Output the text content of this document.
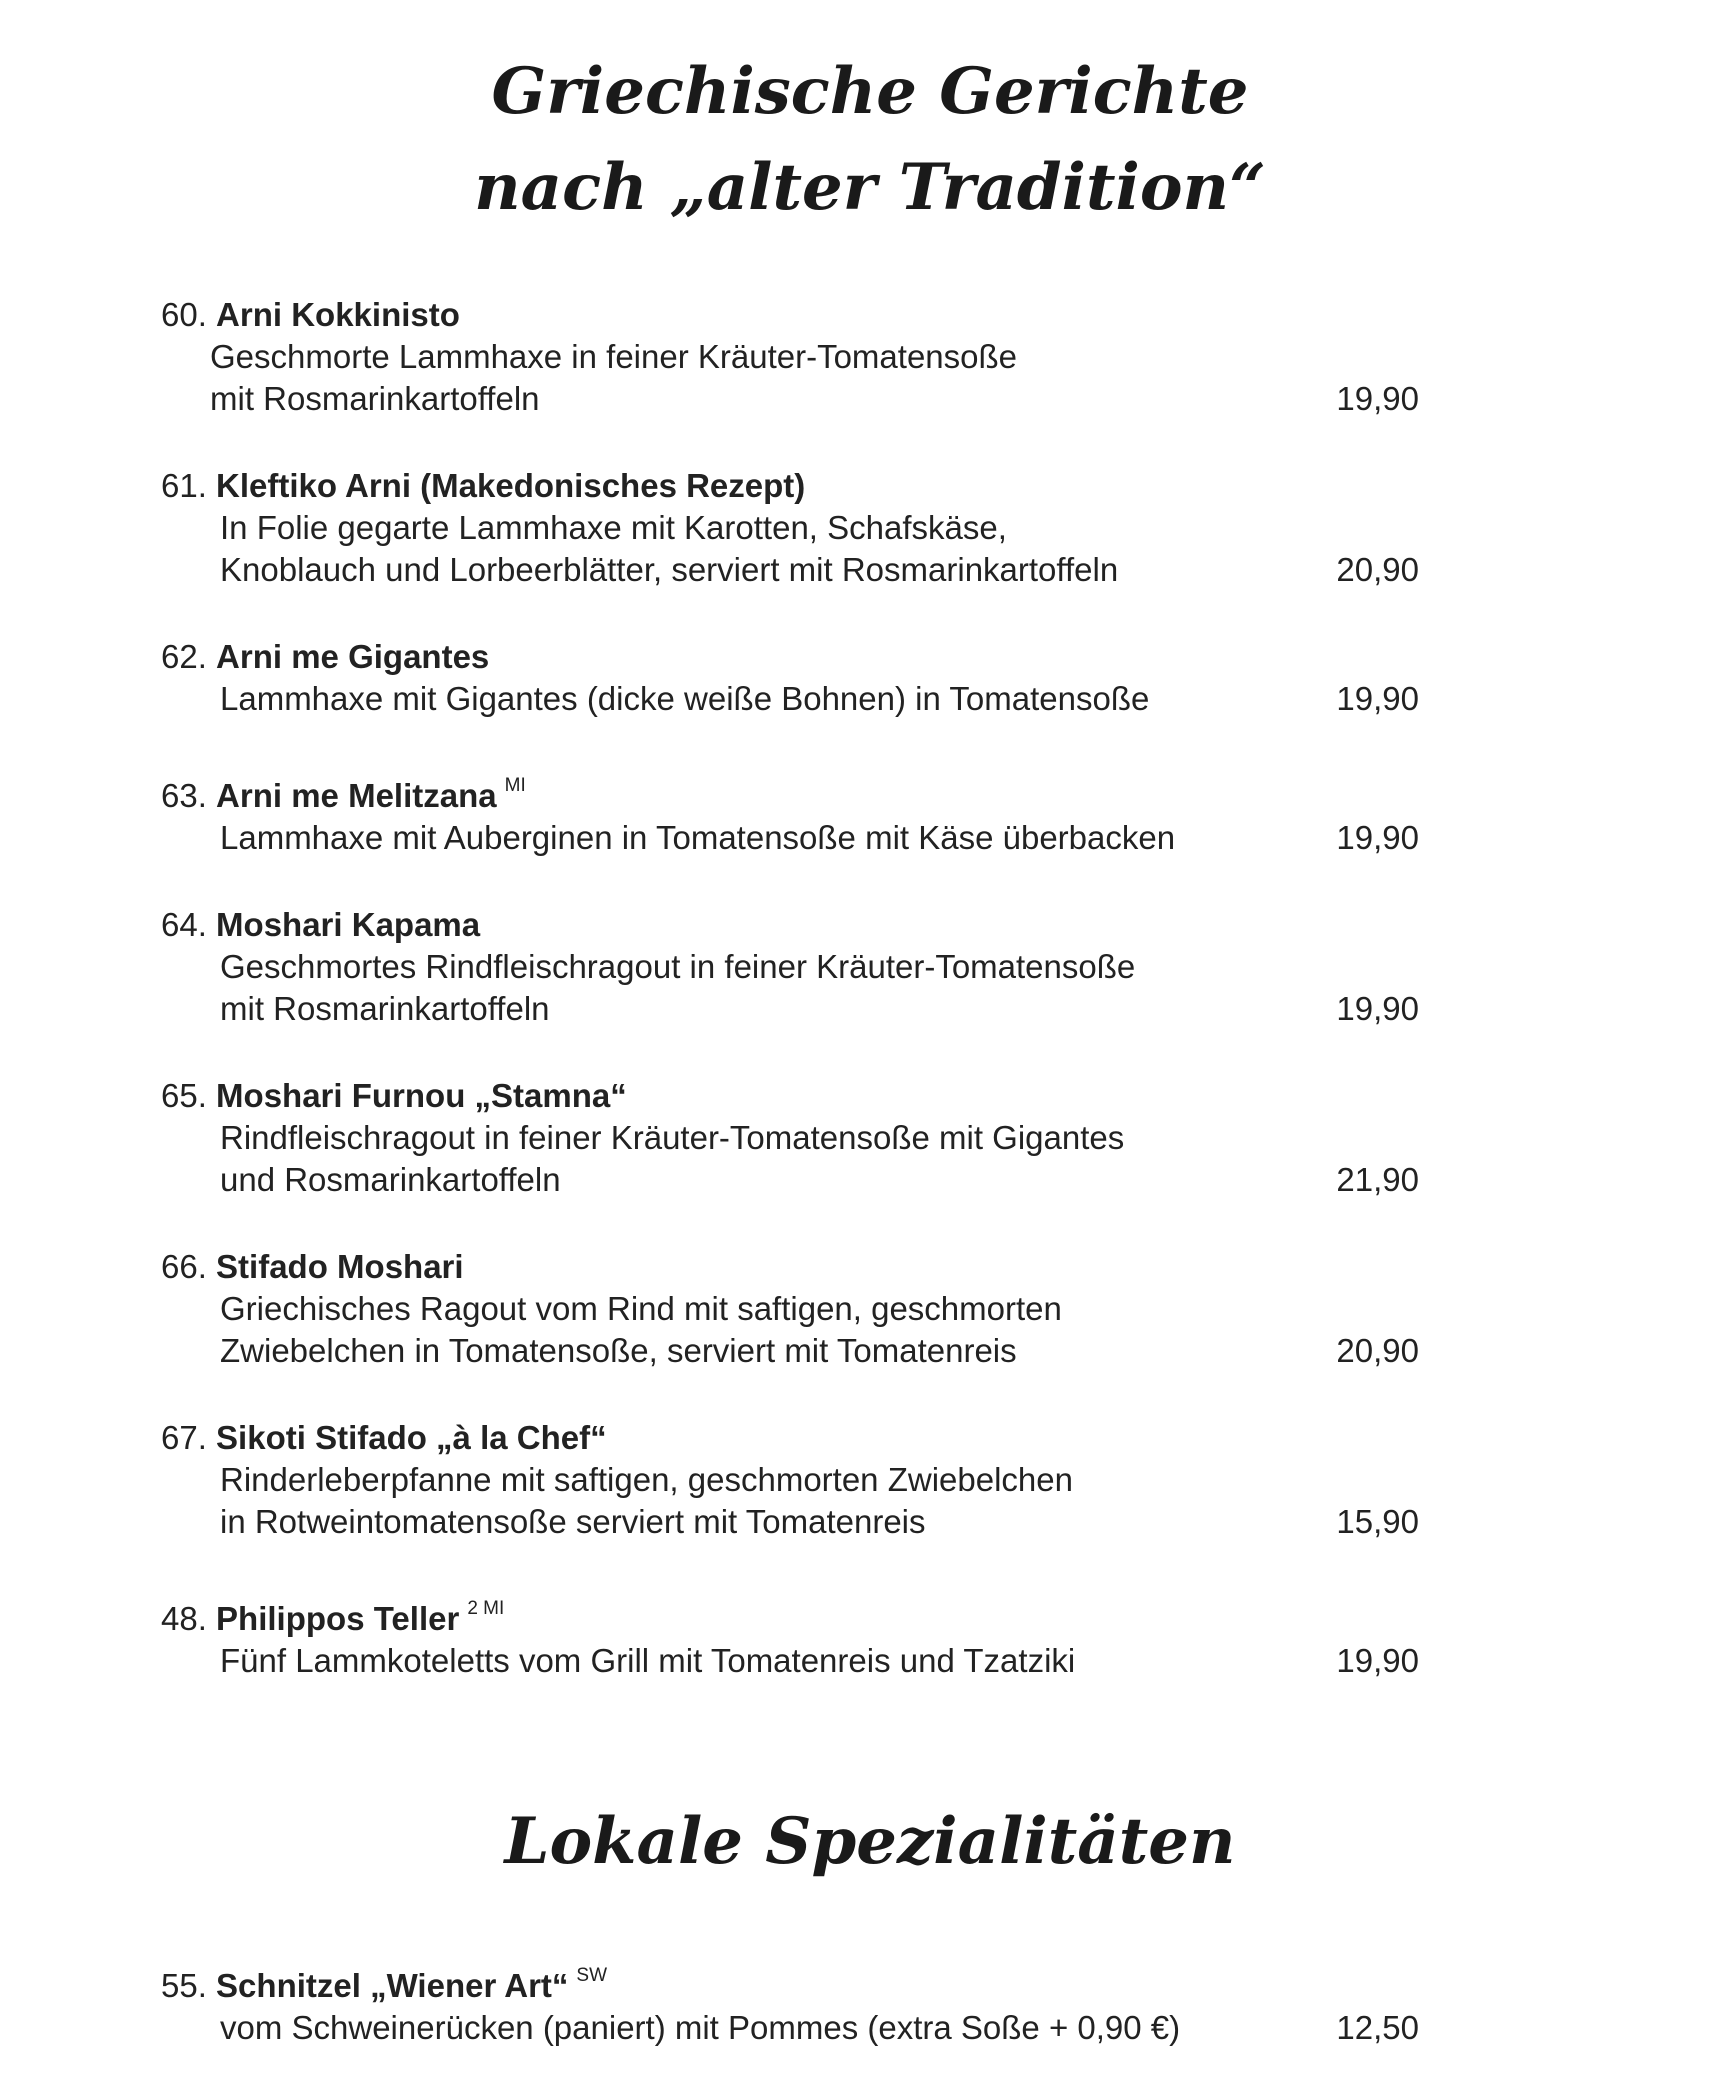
Griechische Gerichte
nach „alter Tradition“
60. Arni Kokkinisto
Geschmorte Lammhaxe in feiner Kräuter-Tomatensoße
mit Rosmarinkartoffeln	19,90
61. Kleftiko Arni (Makedonisches Rezept)
In Folie gegarte Lammhaxe mit Karotten, Schafskäse,
Knoblauch und Lorbeerblätter, serviert mit Rosmarinkartoffeln	20,90
62. Arni me Gigantes
Lammhaxe mit Gigantes (dicke weiße Bohnen) in Tomatensoße	19,90
63. Arni me Melitzana $^{MI}$
Lammhaxe mit Auberginen in Tomatensoße mit Käse überbacken	19,90
64. Moshari Kapama
Geschmortes Rindfleischragout in feiner Kräuter-Tomatensoße
mit Rosmarinkartoffeln	19,90
65. Moshari Furnou „Stamna“
Rindfleischragout in feiner Kräuter-Tomatensoße mit Gigantes
und Rosmarinkartoffeln	21,90
66. Stifado Moshari
Griechisches Ragout vom Rind mit saftigen, geschmorten
Zwiebelchen in Tomatensoße, serviert mit Tomatenreis	20,90
67. Sikoti Stifado „à la Chef“
Rinderleberpfanne mit saftigen, geschmorten Zwiebelchen
in Rotweintomatensoße serviert mit Tomatenreis	15,90
48. Philippos Teller $^{2 MI}$
Fünf Lammkoteletts vom Grill mit Tomatenreis und Tzatziki	19,90
Lokale Spezialitäten
55. Schnitzel „Wiener Art“ $^{SW}$
vom Schweinerücken (paniert) mit Pommes (extra Soße + 0,90 €)	12,50
